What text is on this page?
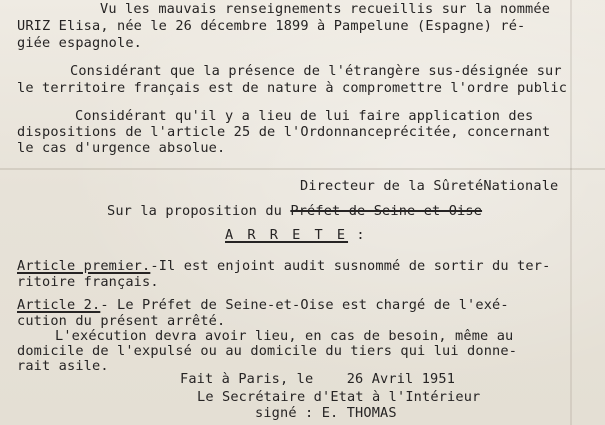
Vu les mauvais renseignements recueillis sur la nommée
URIZ Elisa, née le 26 décembre 1899 à Pampelune (Espagne) ré-
giée espagnole.
Considérant que la présence de l'étrangère sus-désignée sur
le territoire français est de nature à compromettre l'ordre public
Considérant qu'il y a lieu de lui faire application des
dispositions de l'article 25 de l'Ordonnanceprécitée, concernant
le cas d'urgence absolue.
Directeur de la SûretéNationale
Sur la proposition du Préfet de Seine-et-Oise
A R R E T E :
Article premier.-Il est enjoint audit susnommé de sortir du ter-
ritoire français.
Article 2.- Le Préfet de Seine-et-Oise est chargé de l'exé-
cution du présent arrêté.
L'exécution devra avoir lieu, en cas de besoin, même au
domicile de l'expulsé ou au domicile du tiers qui lui donne-
rait asile.
Fait à Paris, le 26 Avril 1951
Le Secrétaire d'Etat à l'Intérieur
signé : E. THOMAS
